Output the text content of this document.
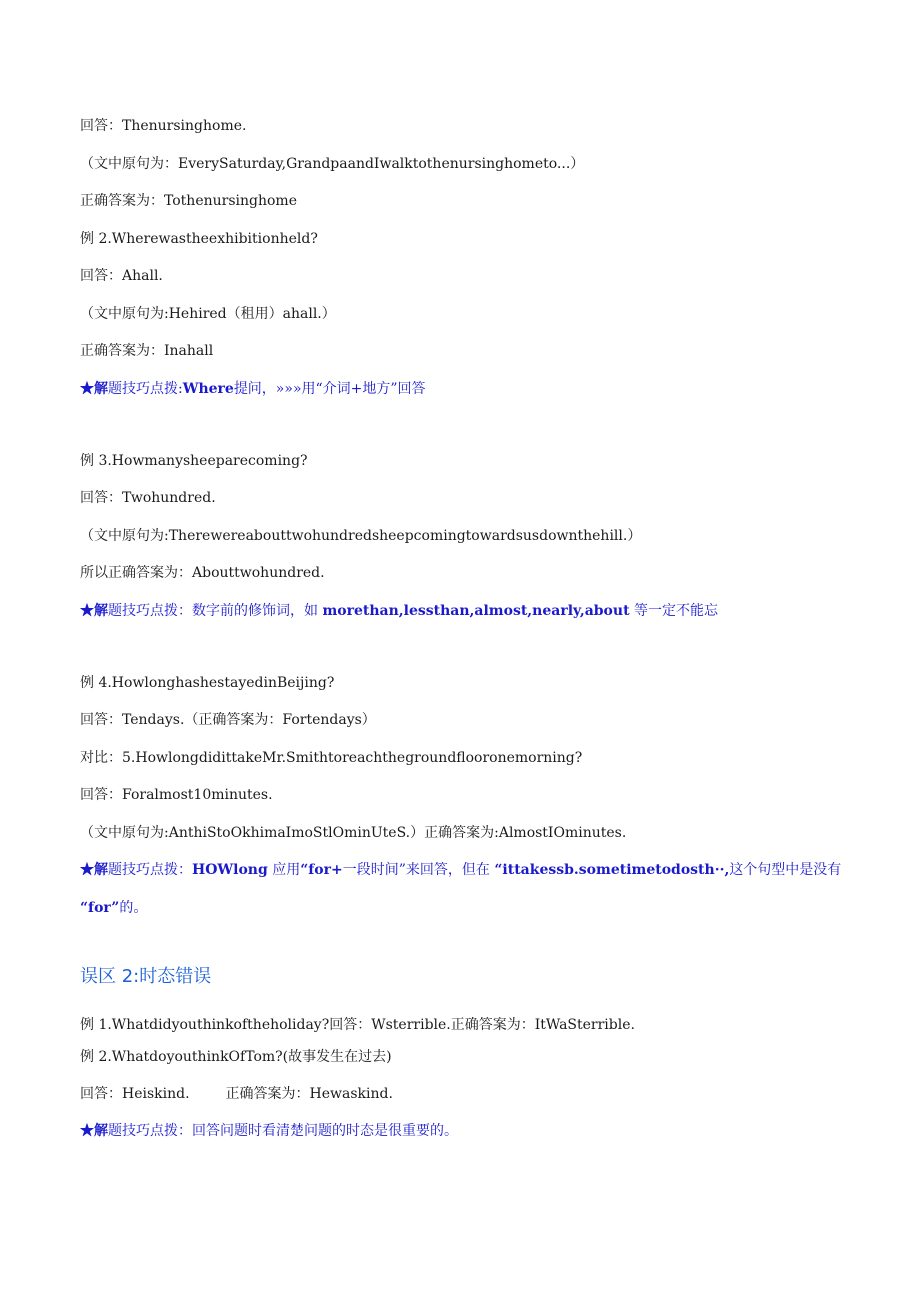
回答：Thenursinghome.
（文中原句为：EverySaturday,GrandpaandIwalktothenursinghometo...）
正确答案为：Tothenursinghome
例 2.Wherewastheexhibitionheld?
回答：Ahall.
（文中原句为:Hehired（租用）ahall.）
正确答案为：Inahall
★解题技巧点拨:Where提问，»»»用“介词+地方”回答
例 3.Howmanysheeparecoming?
回答：Twohundred.
（文中原句为:Therewereabouttwohundredsheepcomingtowardsusdownthehill.）
所以正确答案为：Abouttwohundred.
★解题技巧点拨：数字前的修饰词，如 morethan,lessthan,almost,nearly,about 等一定不能忘
例 4.HowlonghashestayedinBeijing?
回答：Tendays.（正确答案为：Fortendays）
对比：5.HowlongdidittakeMr.Smithtoreachthegroundflooronemorning?
回答：Foralmost10minutes.
（文中原句为:AnthiStoOkhimaImoStlOminUteS.）正确答案为:AlmostIOminutes.
★解题技巧点拨：HOWlong 应用“for+一段时间”来回答，但在 “ittakessb.sometimetodosth··,这个句型中是没有
“for”的。
误区 2:时态错误
例 1.Whatdidyouthinkoftheholiday?回答：Wsterrible.正确答案为：ItWaSterrible.
例 2.WhatdoyouthinkOfTom?(故事发生在过去)
回答：Heiskind.	正确答案为：Hewaskind.
★解题技巧点拨：回答问题时看清楚问题的时态是很重要的。
